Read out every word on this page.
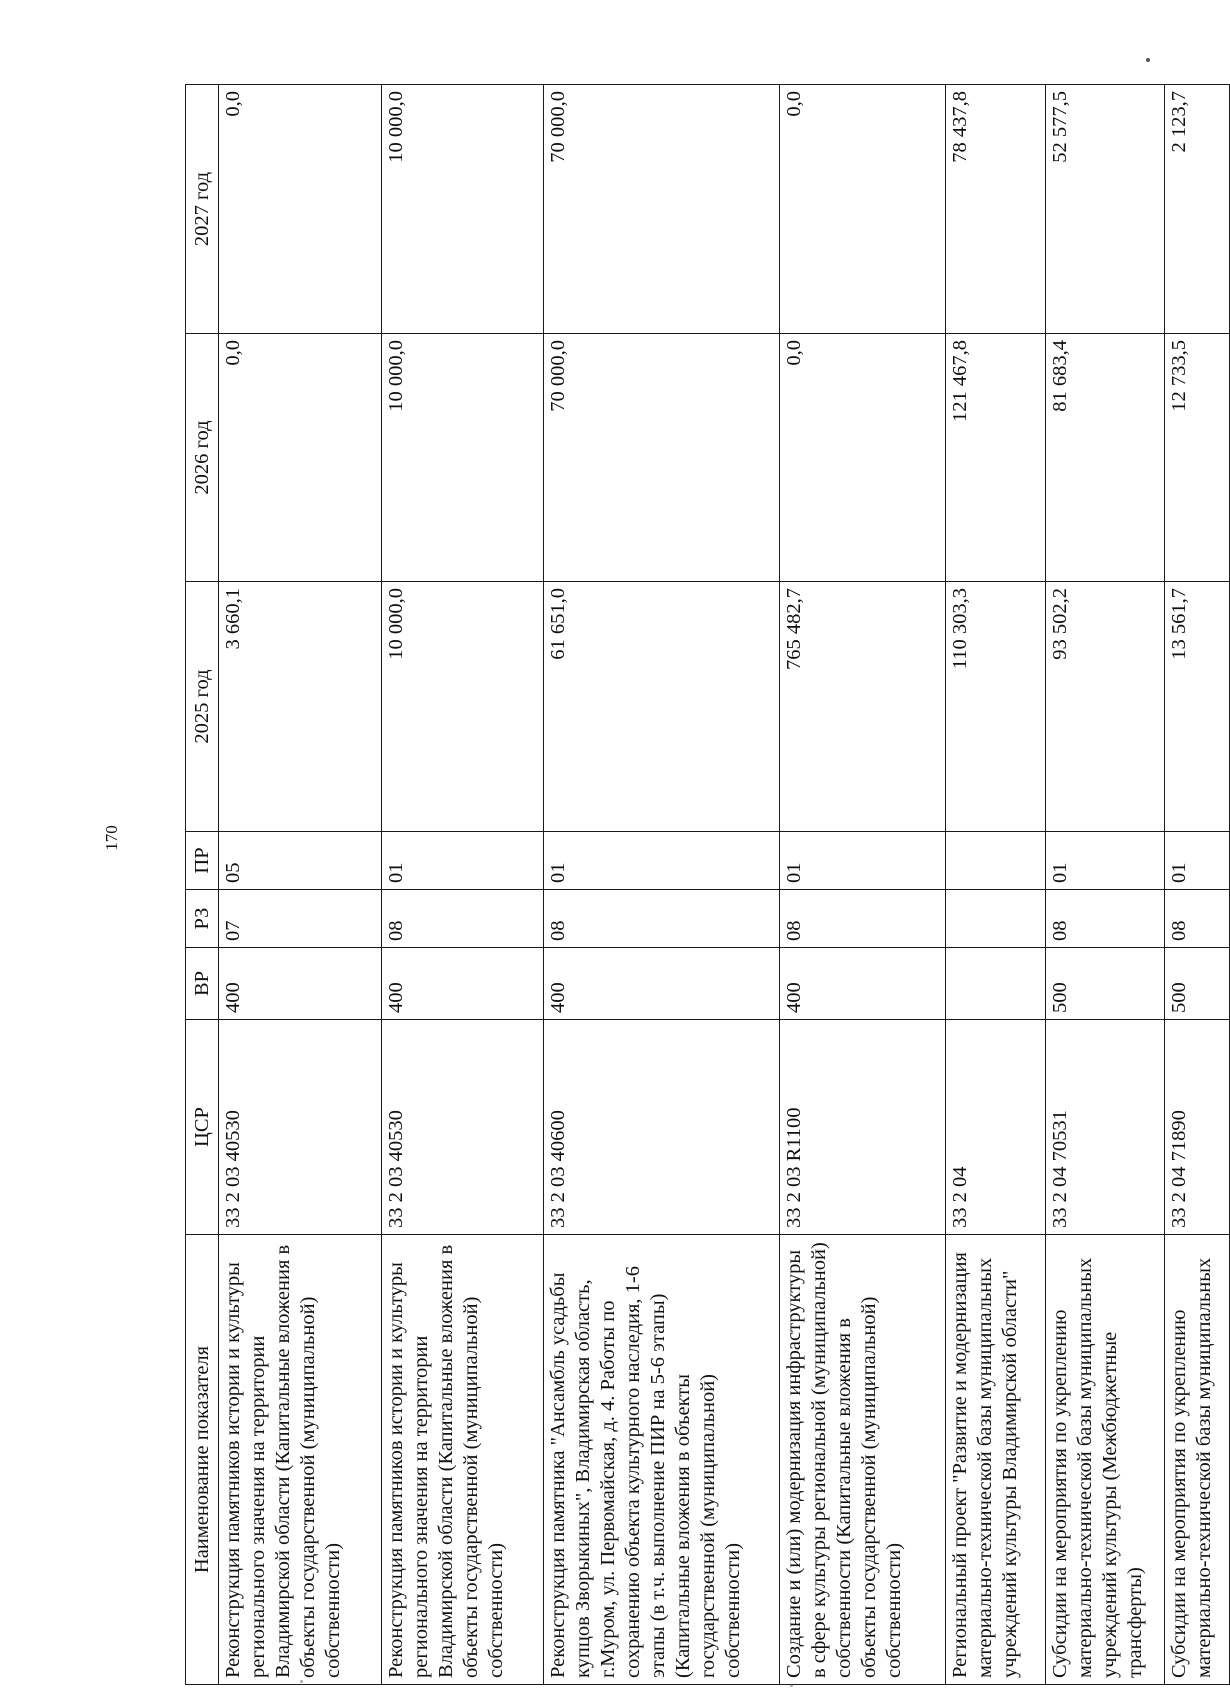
170
Наименование показателя	ЦСР	ВР	РЗ	ПР	2025 год	2026 год	2027 год
Реконструкция памятников истории и культуры регионального значения на территории Владимирской области (Капитальные вложения в объекты государственной (муниципальной) собственности)	33 2 03 40530	400	07	05	3 660,1	0,0	0,0
Реконструкция памятников истории и культуры регионального значения на территории Владимирской области (Капитальные вложения в объекты государственной (муниципальной) собственности)	33 2 03 40530	400	08	01	10 000,0	10 000,0	10 000,0
Реконструкция памятника "Ансамбль усадьбы купцов Зворыкиных", Владимирская область, г.Муром, ул. Первомайская, д. 4. Работы по сохранению объекта культурного наследия, 1-6 этапы (в т.ч. выполнение ПИР на 5-6 этапы) (Капитальные вложения в объекты государственной (муниципальной) собственности)	33 2 03 40600	400	08	01	61 651,0	70 000,0	70 000,0
Создание и (или) модернизация инфраструктуры в сфере культуры региональной (муниципальной) собственности (Капитальные вложения в объекты государственной (муниципальной) собственности)	33 2 03 R1100	400	08	01	765 482,7	0,0	0,0
Региональный проект "Развитие и модернизация материально-технической базы муниципальных учреждений культуры Владимирской области"	33 2 04				110 303,3	121 467,8	78 437,8
Субсидии на мероприятия по укреплению материально-технической базы муниципальных учреждений культуры (Межбюджетные трансферты)	33 2 04 70531	500	08	01	93 502,2	81 683,4	52 577,5
Субсидии на мероприятия по укреплению материально-технической базы муниципальных	33 2 04 71890	500	08	01	13 561,7	12 733,5	2 123,7
